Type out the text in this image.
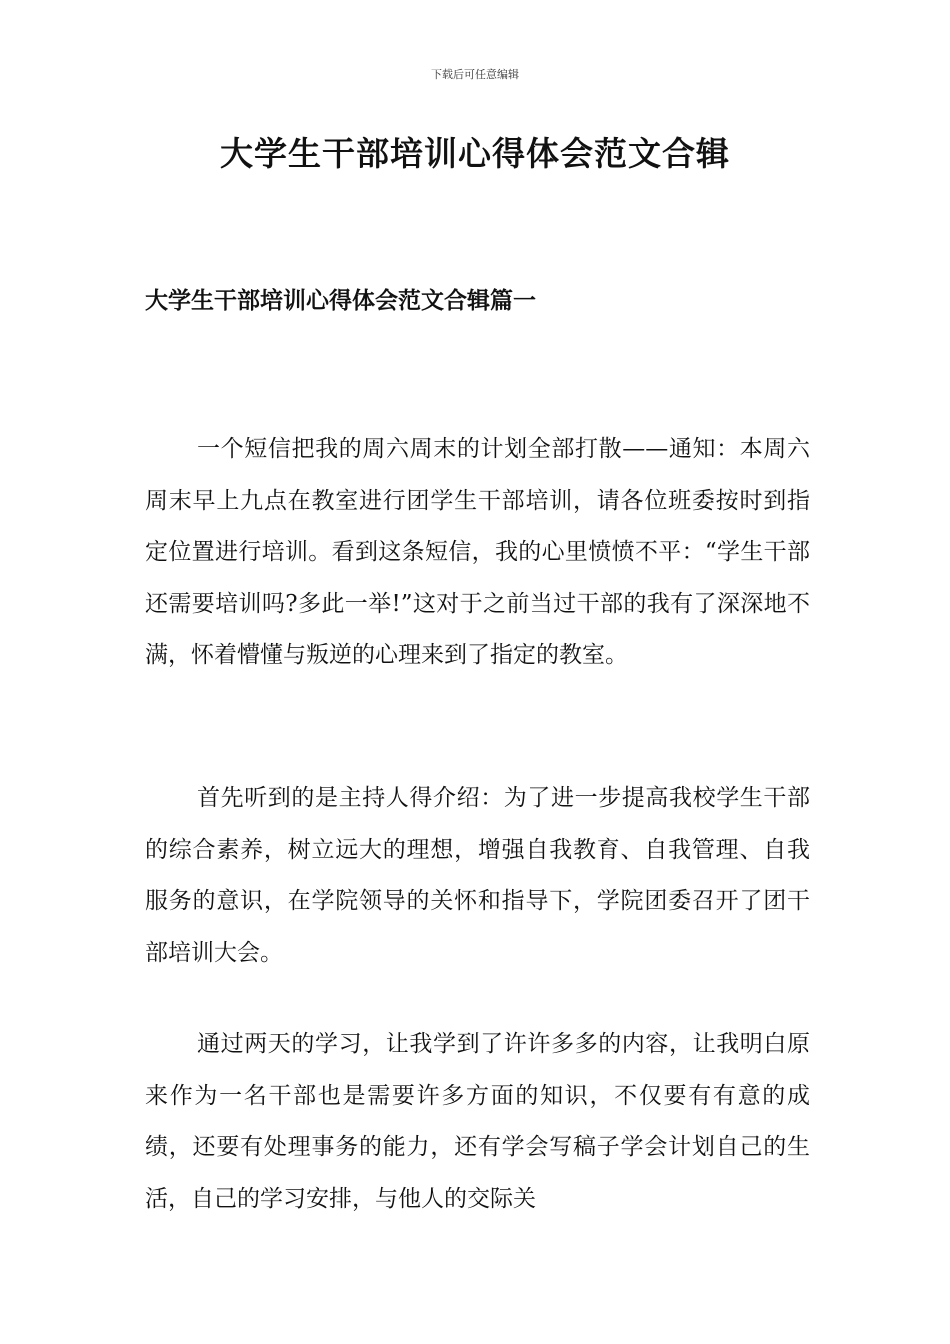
下载后可任意编辑
大学生干部培训心得体会范文合辑
大学生干部培训心得体会范文合辑篇一

一个短信把我的周六周末的计划全部打散——通知：本周六周末早上九点在教室进行团学生干部培训，请各位班委按时到指定位置进行培训。看到这条短信，我的心里愤愤不平：“学生干部还需要培训吗?多此一举!”这对于之前当过干部的我有了深深地不满，怀着懵懂与叛逆的心理来到了指定的教室。

首先听到的是主持人得介绍：为了进一步提高我校学生干部的综合素养，树立远大的理想，增强自我教育、自我管理、自我服务的意识，在学院领导的关怀和指导下，学院团委召开了团干部培训大会。

通过两天的学习，让我学到了许许多多的内容，让我明白原来作为一名干部也是需要许多方面的知识，不仅要有有意的成绩，还要有处理事务的能力，还有学会写稿子学会计划自己的生活，自己的学习安排，与他人的交际关
